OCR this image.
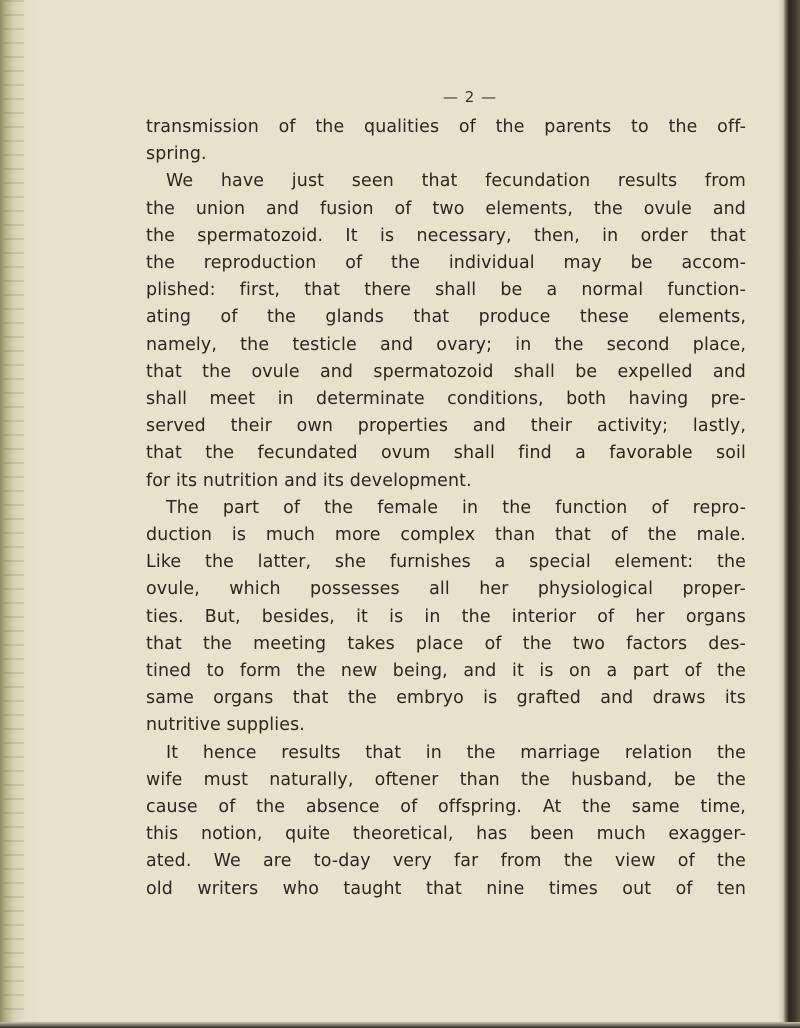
— 2 —
transmission of the qualities of the parents to the off-
spring.
We have just seen that fecundation results from
the union and fusion of two elements, the ovule and
the spermatozoid. It is necessary, then, in order that
the reproduction of the individual may be accom-
plished: first, that there shall be a normal function-
ating of the glands that produce these elements,
namely, the testicle and ovary; in the second place,
that the ovule and spermatozoid shall be expelled and
shall meet in determinate conditions, both having pre-
served their own properties and their activity; lastly,
that the fecundated ovum shall find a favorable soil
for its nutrition and its development.
The part of the female in the function of repro-
duction is much more complex than that of the male.
Like the latter, she furnishes a special element: the
ovule, which possesses all her physiological proper-
ties. But, besides, it is in the interior of her organs
that the meeting takes place of the two factors des-
tined to form the new being, and it is on a part of the
same organs that the embryo is grafted and draws its
nutritive supplies.
It hence results that in the marriage relation the
wife must naturally, oftener than the husband, be the
cause of the absence of offspring. At the same time,
this notion, quite theoretical, has been much exagger-
ated. We are to-day very far from the view of the
old writers who taught that nine times out of ten
